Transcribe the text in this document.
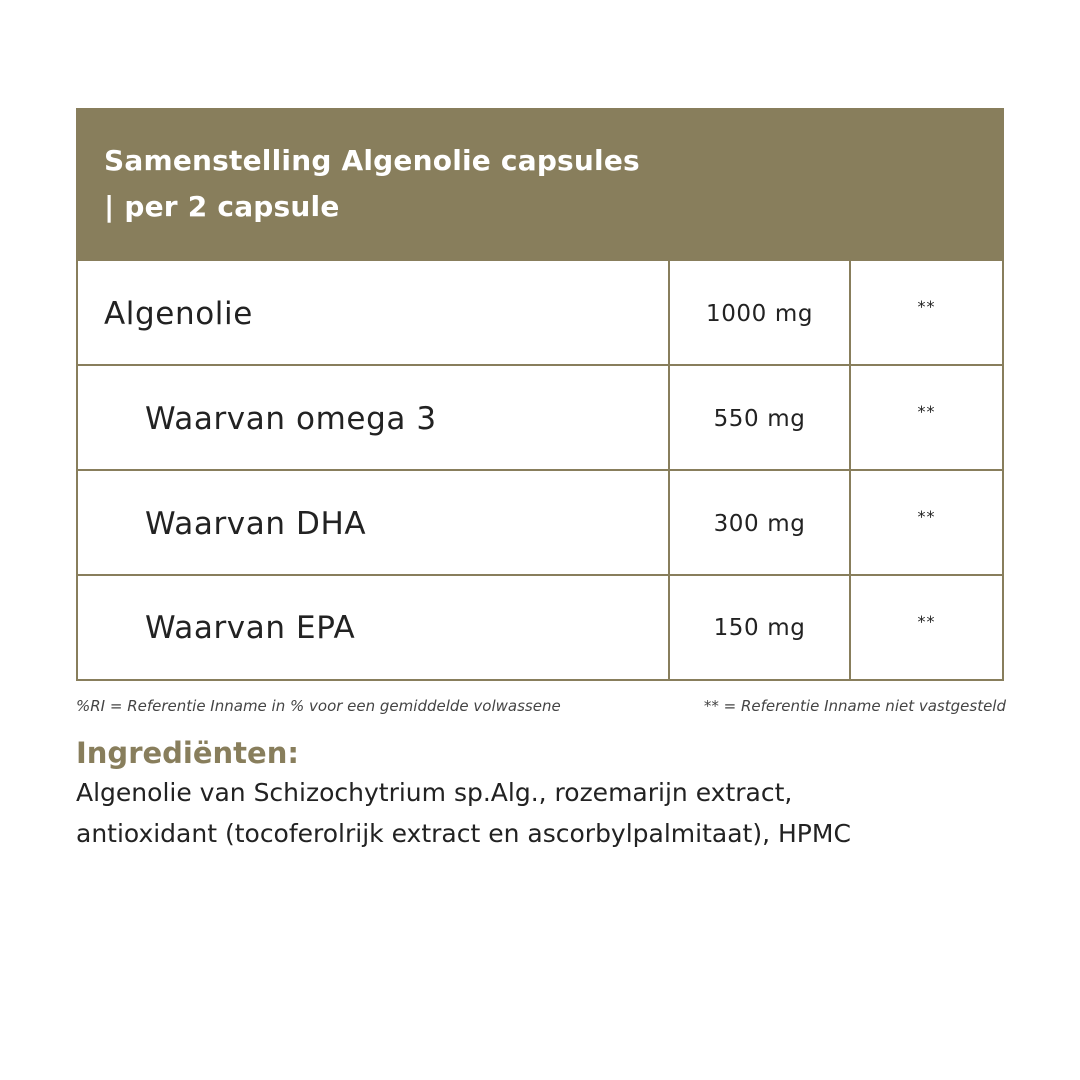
Samenstelling Algenolie capsules
| per 2 capsule

Algenolie	1000 mg	**
Waarvan omega 3	550 mg	**
Waarvan DHA	300 mg	**
Waarvan EPA	150 mg	**
%RI = Referentie Inname in % voor een gemiddelde volwassene	** = Referentie Inname niet vastgesteld
Ingrediënten:

Algenolie van Schizochytrium sp.Alg., rozemarijn extract,
antioxidant (tocoferolrijk extract en ascorbylpalmitaat), HPMC
